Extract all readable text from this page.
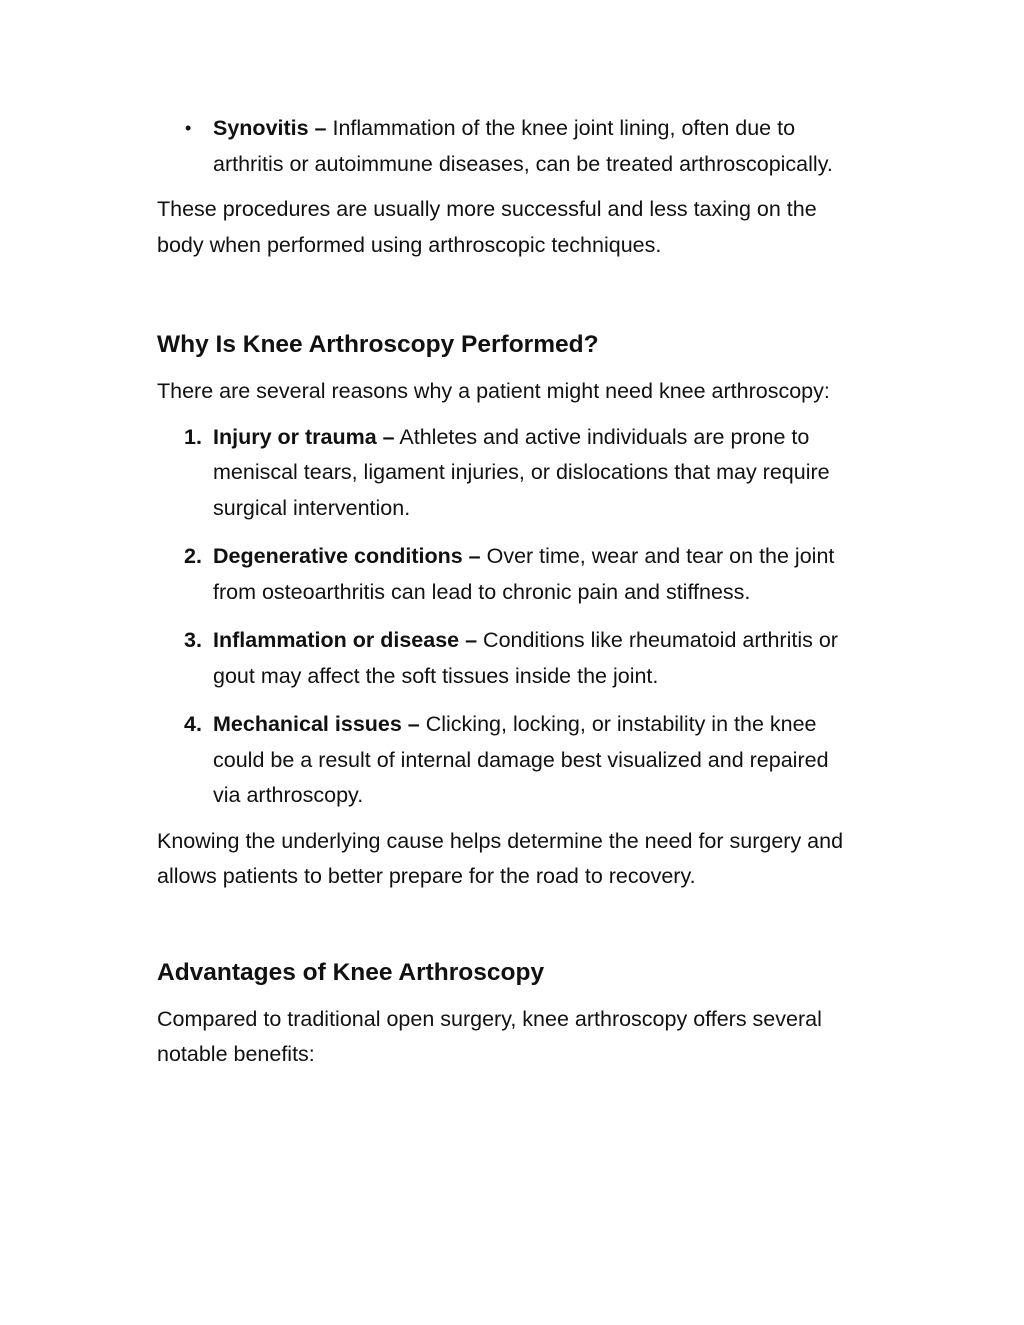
• Synovitis – Inflammation of the knee joint lining, often due to arthritis or autoimmune diseases, can be treated arthroscopically.

These procedures are usually more successful and less taxing on the body when performed using arthroscopic techniques.

Why Is Knee Arthroscopy Performed?

There are several reasons why a patient might need knee arthroscopy:

1. Injury or trauma – Athletes and active individuals are prone to meniscal tears, ligament injuries, or dislocations that may require surgical intervention.
2. Degenerative conditions – Over time, wear and tear on the joint from osteoarthritis can lead to chronic pain and stiffness.
3. Inflammation or disease – Conditions like rheumatoid arthritis or gout may affect the soft tissues inside the joint.
4. Mechanical issues – Clicking, locking, or instability in the knee could be a result of internal damage best visualized and repaired via arthroscopy.

Knowing the underlying cause helps determine the need for surgery and allows patients to better prepare for the road to recovery.

Advantages of Knee Arthroscopy

Compared to traditional open surgery, knee arthroscopy offers several notable benefits:
